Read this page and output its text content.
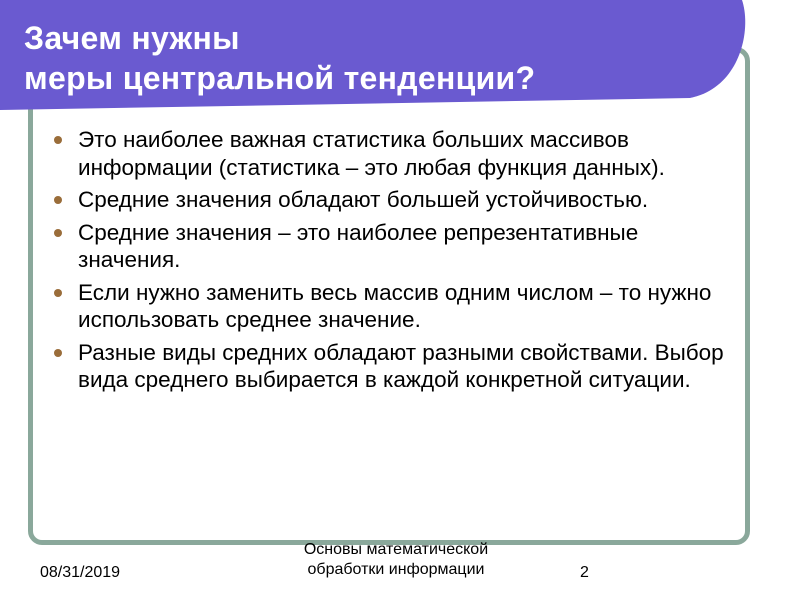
Зачем нужны
меры центральной тенденции?
Это наиболее важная статистика больших массивов информации (статистика – это любая функция данных).
Средние значения обладают большей устойчивостью.
Средние значения – это наиболее репрезентативные значения.
Если нужно заменить весь массив одним числом – то нужно использовать среднее значение.
Разные виды средних обладают разными свойствами. Выбор вида среднего выбирается в каждой конкретной ситуации.
08/31/2019
Основы математической
обработки информации	2
